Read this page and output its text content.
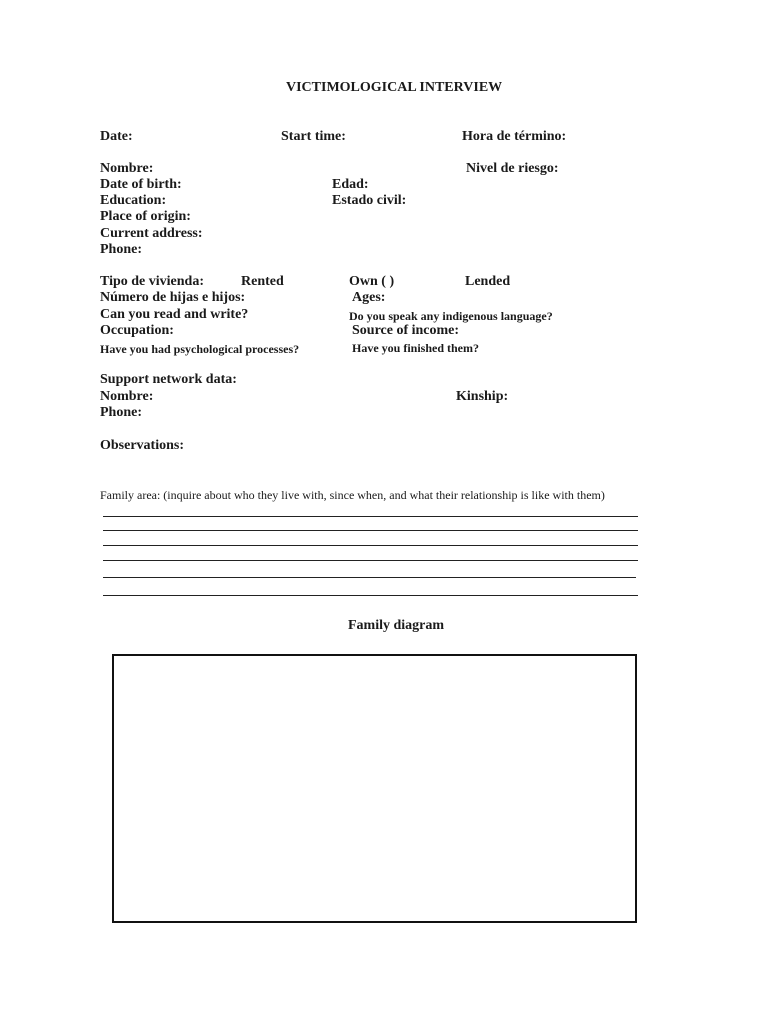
VICTIMOLOGICAL INTERVIEW
Date:	Start time:	Hora de término:
Nombre:	Nivel de riesgo:
Date of birth:	Edad:
Education:	Estado civil:
Place of origin:
Current address:
Phone:
Tipo de vivienda:	Rented	Own ( )	Lended
Número de hijas e hijos:	Ages:
Can you read and write?	Do you speak any indigenous language?
Occupation:	Source of income:
Have you had psychological processes?	Have you finished them?
Support network data:
Nombre:	Kinship:
Phone:
Observations:
Family area: (inquire about who they live with, since when, and what their relationship is like with them)
Family diagram
